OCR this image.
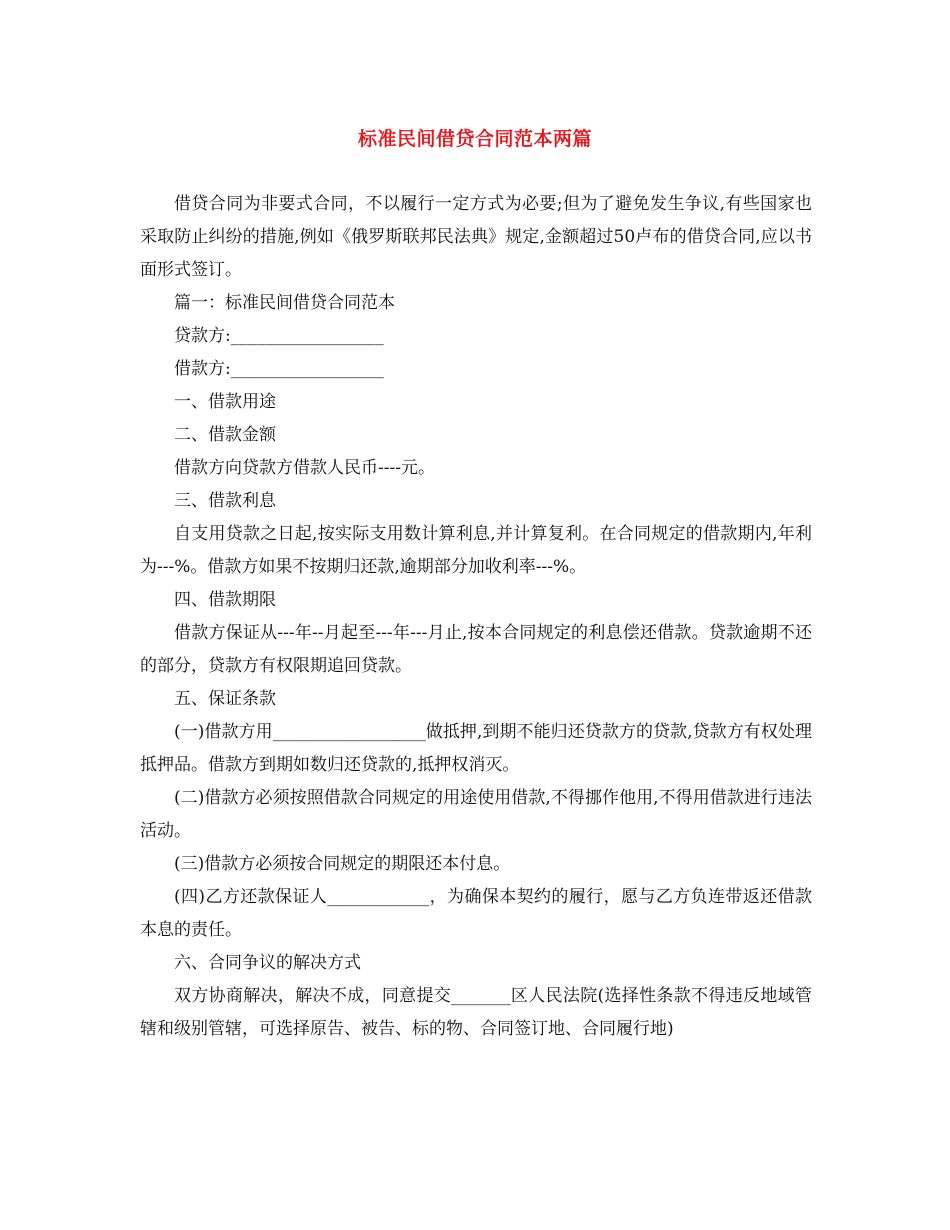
标准民间借贷合同范本两篇

借贷合同为非要式合同，不以履行一定方式为必要;但为了避免发生争议,有些国家也采取防止纠纷的措施,例如《俄罗斯联邦民法典》规定,金额超过50卢布的借贷合同,应以书面形式签订。

篇一：标准民间借贷合同范本

贷款方:__________________

借款方:__________________

一、借款用途

二、借款金额

借款方向贷款方借款人民币----元。

三、借款利息

自支用贷款之日起,按实际支用数计算利息,并计算复利。在合同规定的借款期内,年利为---%。借款方如果不按期归还款,逾期部分加收利率---%。

四、借款期限

借款方保证从---年--月起至---年---月止,按本合同规定的利息偿还借款。贷款逾期不还的部分，贷款方有权限期追回贷款。

五、保证条款

(一)借款方用__________________做抵押,到期不能归还贷款方的贷款,贷款方有权处理抵押品。借款方到期如数归还贷款的,抵押权消灭。

(二)借款方必须按照借款合同规定的用途使用借款,不得挪作他用,不得用借款进行违法活动。

(三)借款方必须按合同规定的期限还本付息。

(四)乙方还款保证人____________，为确保本契约的履行，愿与乙方负连带返还借款本息的责任。

六、合同争议的解决方式

双方协商解决，解决不成，同意提交_______区人民法院(选择性条款不得违反地域管辖和级别管辖，可选择原告、被告、标的物、合同签订地、合同履行地)
